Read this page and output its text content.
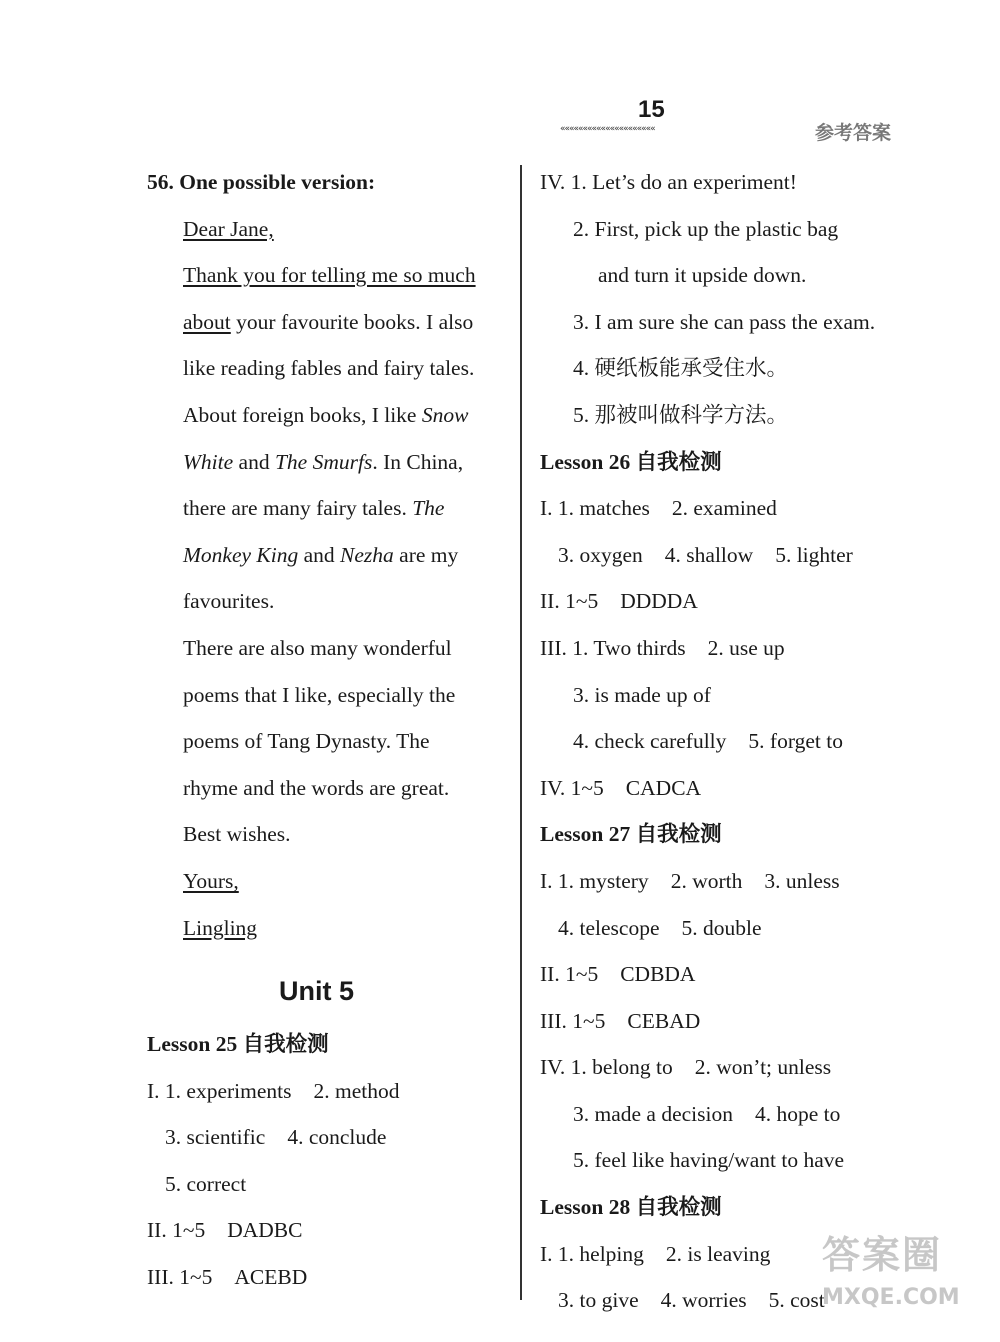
15
«««««««««««««««««««««	参考答案
56. One possible version:
Dear Jane,
Thank you for telling me so much
about your favourite books. I also
like reading fables and fairy tales.
About foreign books, I like Snow
White and The Smurfs. In China,
there are many fairy tales. The
Monkey King and Nezha are my
favourites.
There are also many wonderful
poems that I like, especially the
poems of Tang Dynasty. The
rhyme and the words are great.
Best wishes.
Yours,
Lingling
Unit 5
Lesson 25 自我检测
I. 1. experiments 2. method
3. scientific 4. conclude
5. correct
II. 1~5 DADBC
III. 1~5 ACEBD
IV. 1. Let’s do an experiment!
2. First, pick up the plastic bag
and turn it upside down.
3. I am sure she can pass the exam.
4. 硬纸板能承受住水。
5. 那被叫做科学方法。
Lesson 26 自我检测
I. 1. matches 2. examined
3. oxygen 4. shallow 5. lighter
II. 1~5 DDDDA
III. 1. Two thirds 2. use up
3. is made up of
4. check carefully 5. forget to
IV. 1~5 CADCA
Lesson 27 自我检测
I. 1. mystery 2. worth 3. unless
4. telescope 5. double
II. 1~5 CDBDA
III. 1~5 CEBAD
IV. 1. belong to 2. won’t; unless
3. made a decision 4. hope to
5. feel like having/want to have
Lesson 28 自我检测
I. 1. helping 2. is leaving
3. to give 4. worries 5. cost
答案圈
MXQE.COM
